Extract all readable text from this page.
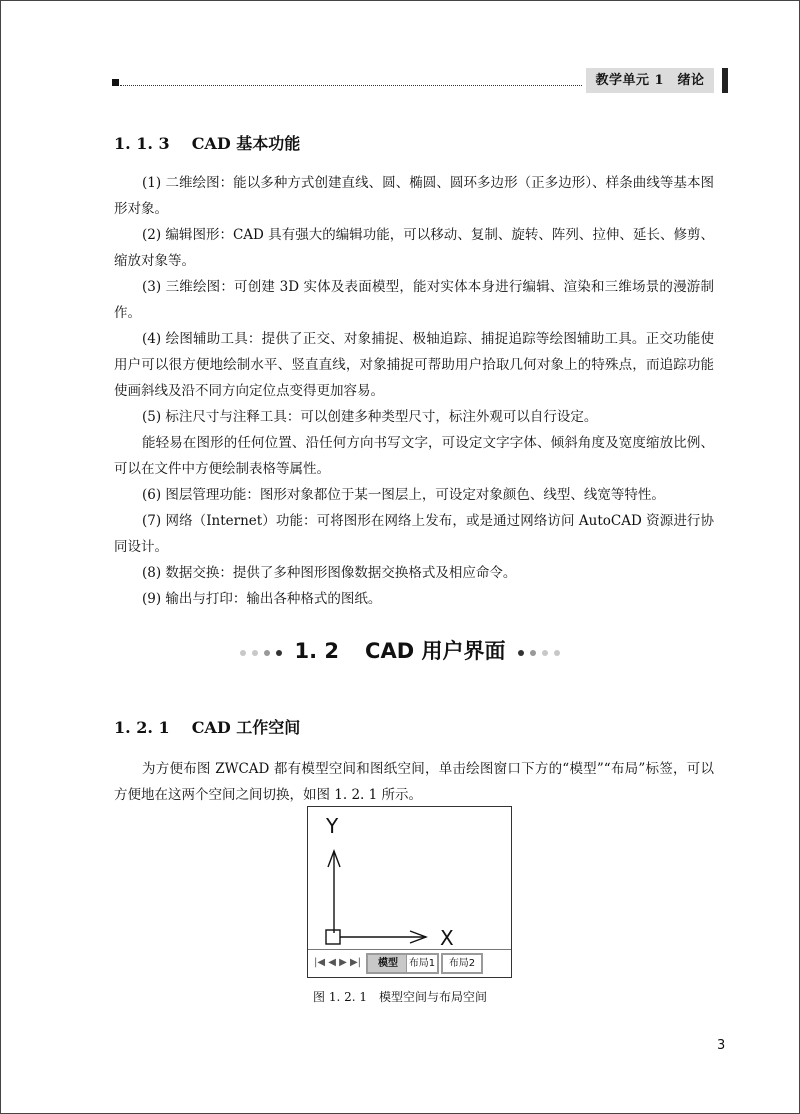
教学单元 1　绪论
1. 1. 3 CAD 基本功能

(1) 二维绘图：能以多种方式创建直线、圆、椭圆、圆环多边形（正多边形）、样条曲线等基本图形对象。

(2) 编辑图形：CAD 具有强大的编辑功能，可以移动、复制、旋转、阵列、拉伸、延长、修剪、缩放对象等。

(3) 三维绘图：可创建 3D 实体及表面模型，能对实体本身进行编辑、渲染和三维场景的漫游制作。

(4) 绘图辅助工具：提供了正交、对象捕捉、极轴追踪、捕捉追踪等绘图辅助工具。正交功能使用户可以很方便地绘制水平、竖直直线，对象捕捉可帮助用户拾取几何对象上的特殊点，而追踪功能使画斜线及沿不同方向定位点变得更加容易。

(5) 标注尺寸与注释工具：可以创建多种类型尺寸，标注外观可以自行设定。

能轻易在图形的任何位置、沿任何方向书写文字，可设定文字字体、倾斜角度及宽度缩放比例、可以在文件中方便绘制表格等属性。

(6) 图层管理功能：图形对象都位于某一图层上，可设定对象颜色、线型、线宽等特性。

(7) 网络（Internet）功能：可将图形在网络上发布，或是通过网络访问 AutoCAD 资源进行协同设计。

(8) 数据交换：提供了多种图形图像数据交换格式及相应命令。

(9) 输出与打印：输出各种格式的图纸。

1. 2 CAD 用户界面
1. 2. 1 CAD 工作空间

为方便布图 ZWCAD 都有模型空间和图纸空间，单击绘图窗口下方的“模型”“布局”标签，可以方便地在这两个空间之间切换，如图 1. 2. 1 所示。

Y
X
|◀ ◀ ▶ ▶|	模型	布局1	布局2
图 1. 2. 1 模型空间与布局空间
3
